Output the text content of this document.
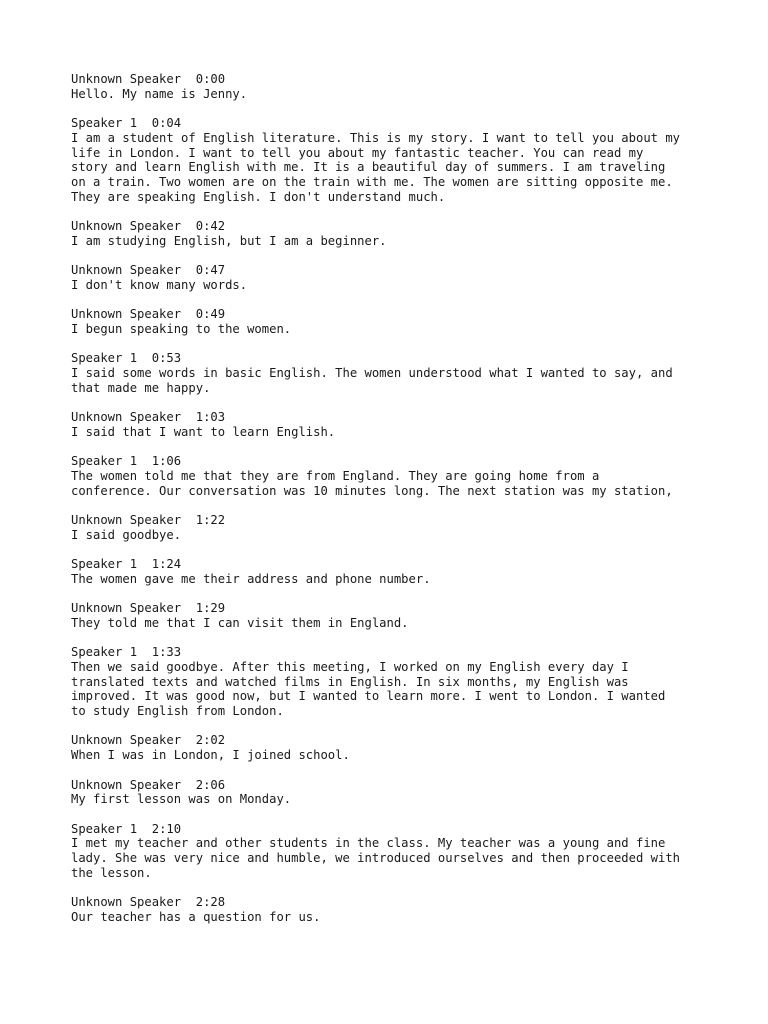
Unknown Speaker 0:00
Hello. My name is Jenny.
Speaker 1 0:04
I am a student of English literature. This is my story. I want to tell you about my
life in London. I want to tell you about my fantastic teacher. You can read my
story and learn English with me. It is a beautiful day of summers. I am traveling
on a train. Two women are on the train with me. The women are sitting opposite me.
They are speaking English. I don't understand much.
Unknown Speaker 0:42
I am studying English, but I am a beginner.
Unknown Speaker 0:47
I don't know many words.
Unknown Speaker 0:49
I begun speaking to the women.
Speaker 1 0:53
I said some words in basic English. The women understood what I wanted to say, and
that made me happy.
Unknown Speaker 1:03
I said that I want to learn English.
Speaker 1 1:06
The women told me that they are from England. They are going home from a
conference. Our conversation was 10 minutes long. The next station was my station,
Unknown Speaker 1:22
I said goodbye.
Speaker 1 1:24
The women gave me their address and phone number.
Unknown Speaker 1:29
They told me that I can visit them in England.
Speaker 1 1:33
Then we said goodbye. After this meeting, I worked on my English every day I
translated texts and watched films in English. In six months, my English was
improved. It was good now, but I wanted to learn more. I went to London. I wanted
to study English from London.
Unknown Speaker 2:02
When I was in London, I joined school.
Unknown Speaker 2:06
My first lesson was on Monday.
Speaker 1 2:10
I met my teacher and other students in the class. My teacher was a young and fine
lady. She was very nice and humble, we introduced ourselves and then proceeded with
the lesson.
Unknown Speaker 2:28
Our teacher has a question for us.
